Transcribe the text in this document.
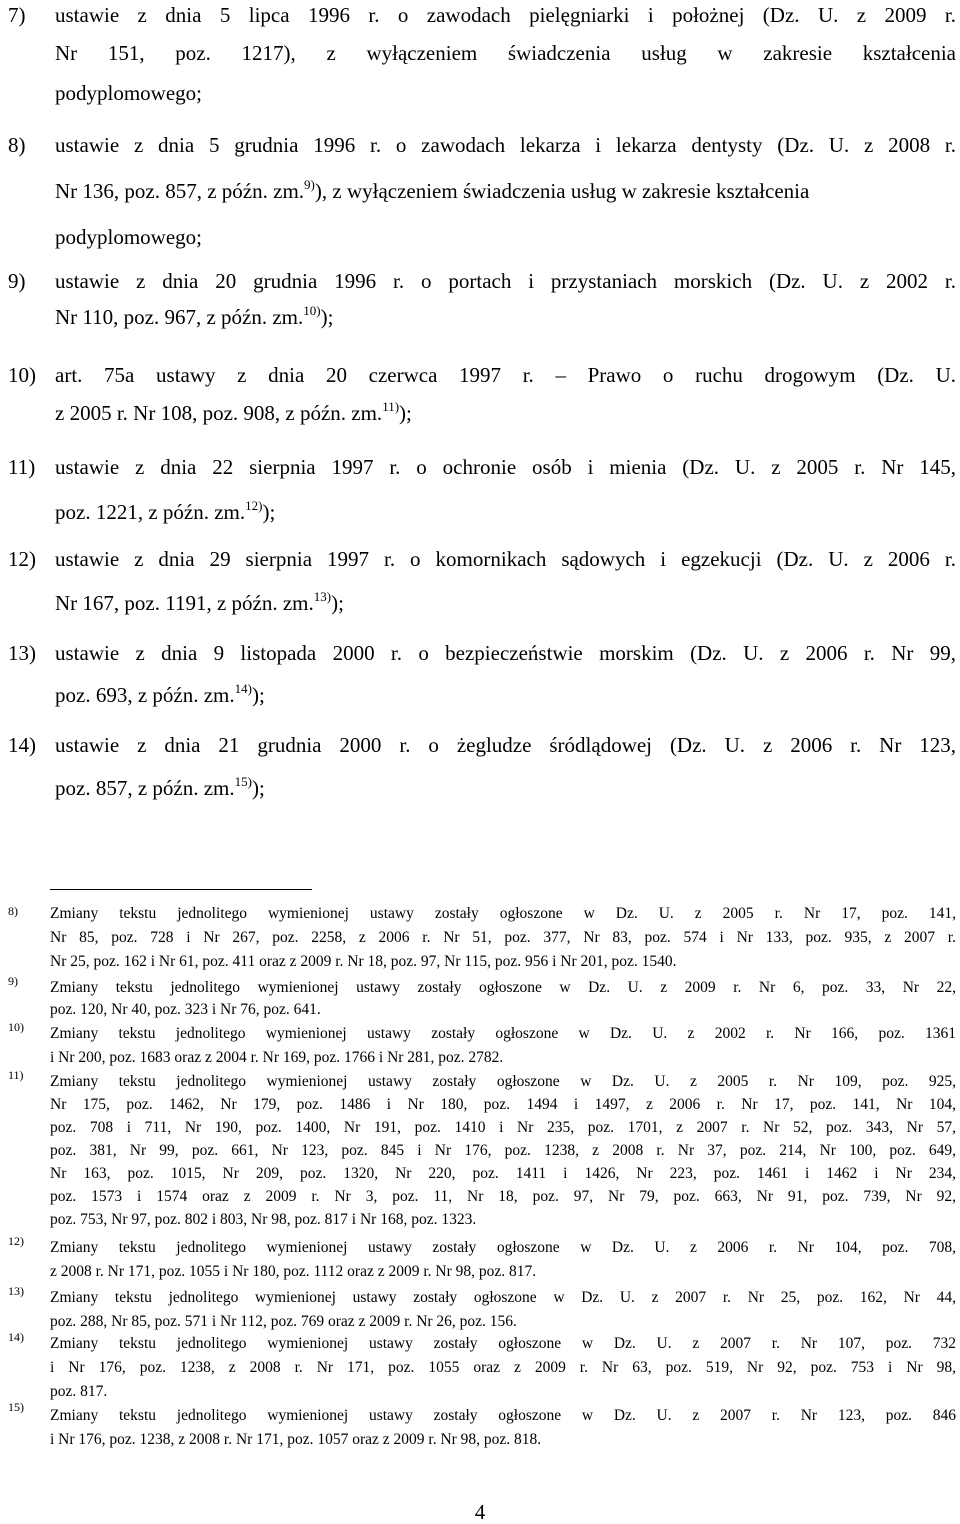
7) ustawie z dnia 5 lipca 1996 r. o zawodach pielęgniarki i położnej (Dz. U. z 2009 r.
Nr 151, poz. 1217), z wyłączeniem świadczenia usług w zakresie kształcenia
podyplomowego;
8) ustawie z dnia 5 grudnia 1996 r. o zawodach lekarza i lekarza dentysty (Dz. U. z 2008 r.
Nr 136, poz. 857, z późn. zm.$^{9)}$), z wyłączeniem świadczenia usług w zakresie kształcenia
podyplomowego;
9) ustawie z dnia 20 grudnia 1996 r. o portach i przystaniach morskich (Dz. U. z 2002 r.
Nr 110, poz. 967, z późn. zm.$^{10)}$);
10) art. 75a ustawy z dnia 20 czerwca 1997 r. – Prawo o ruchu drogowym (Dz. U.
z 2005 r. Nr 108, poz. 908, z późn. zm.$^{11)}$);
11) ustawie z dnia 22 sierpnia 1997 r. o ochronie osób i mienia (Dz. U. z 2005 r. Nr 145,
poz. 1221, z późn. zm.$^{12)}$);
12) ustawie z dnia 29 sierpnia 1997 r. o komornikach sądowych i egzekucji (Dz. U. z 2006 r.
Nr 167, poz. 1191, z późn. zm.$^{13)}$);
13) ustawie z dnia 9 listopada 2000 r. o bezpieczeństwie morskim (Dz. U. z 2006 r. Nr 99,
poz. 693, z późn. zm.$^{14)}$);
14) ustawie z dnia 21 grudnia 2000 r. o żegludze śródlądowej (Dz. U. z 2006 r. Nr 123,
poz. 857, z późn. zm.$^{15)}$);
8) Zmiany tekstu jednolitego wymienionej ustawy zostały ogłoszone w Dz. U. z 2005 r. Nr 17, poz. 141,
Nr 85, poz. 728 i Nr 267, poz. 2258, z 2006 r. Nr 51, poz. 377, Nr 83, poz. 574 i Nr 133, poz. 935, z 2007 r.
Nr 25, poz. 162 i Nr 61, poz. 411 oraz z 2009 r. Nr 18, poz. 97, Nr 115, poz. 956 i Nr 201, poz. 1540.
9) Zmiany tekstu jednolitego wymienionej ustawy zostały ogłoszone w Dz. U. z 2009 r. Nr 6, poz. 33, Nr 22,
poz. 120, Nr 40, poz. 323 i Nr 76, poz. 641.
10) Zmiany tekstu jednolitego wymienionej ustawy zostały ogłoszone w Dz. U. z 2002 r. Nr 166, poz. 1361
i Nr 200, poz. 1683 oraz z 2004 r. Nr 169, poz. 1766 i Nr 281, poz. 2782.
11) Zmiany tekstu jednolitego wymienionej ustawy zostały ogłoszone w Dz. U. z 2005 r. Nr 109, poz. 925,
Nr 175, poz. 1462, Nr 179, poz. 1486 i Nr 180, poz. 1494 i 1497, z 2006 r. Nr 17, poz. 141, Nr 104,
poz. 708 i 711, Nr 190, poz. 1400, Nr 191, poz. 1410 i Nr 235, poz. 1701, z 2007 r. Nr 52, poz. 343, Nr 57,
poz. 381, Nr 99, poz. 661, Nr 123, poz. 845 i Nr 176, poz. 1238, z 2008 r. Nr 37, poz. 214, Nr 100, poz. 649,
Nr 163, poz. 1015, Nr 209, poz. 1320, Nr 220, poz. 1411 i 1426, Nr 223, poz. 1461 i 1462 i Nr 234,
poz. 1573 i 1574 oraz z 2009 r. Nr 3, poz. 11, Nr 18, poz. 97, Nr 79, poz. 663, Nr 91, poz. 739, Nr 92,
poz. 753, Nr 97, poz. 802 i 803, Nr 98, poz. 817 i Nr 168, poz. 1323.
12) Zmiany tekstu jednolitego wymienionej ustawy zostały ogłoszone w Dz. U. z 2006 r. Nr 104, poz. 708,
z 2008 r. Nr 171, poz. 1055 i Nr 180, poz. 1112 oraz z 2009 r. Nr 98, poz. 817.
13) Zmiany tekstu jednolitego wymienionej ustawy zostały ogłoszone w Dz. U. z 2007 r. Nr 25, poz. 162, Nr 44,
poz. 288, Nr 85, poz. 571 i Nr 112, poz. 769 oraz z 2009 r. Nr 26, poz. 156.
14) Zmiany tekstu jednolitego wymienionej ustawy zostały ogłoszone w Dz. U. z 2007 r. Nr 107, poz. 732
i Nr 176, poz. 1238, z 2008 r. Nr 171, poz. 1055 oraz z 2009 r. Nr 63, poz. 519, Nr 92, poz. 753 i Nr 98,
poz. 817.
15) Zmiany tekstu jednolitego wymienionej ustawy zostały ogłoszone w Dz. U. z 2007 r. Nr 123, poz. 846
i Nr 176, poz. 1238, z 2008 r. Nr 171, poz. 1057 oraz z 2009 r. Nr 98, poz. 818.
4
